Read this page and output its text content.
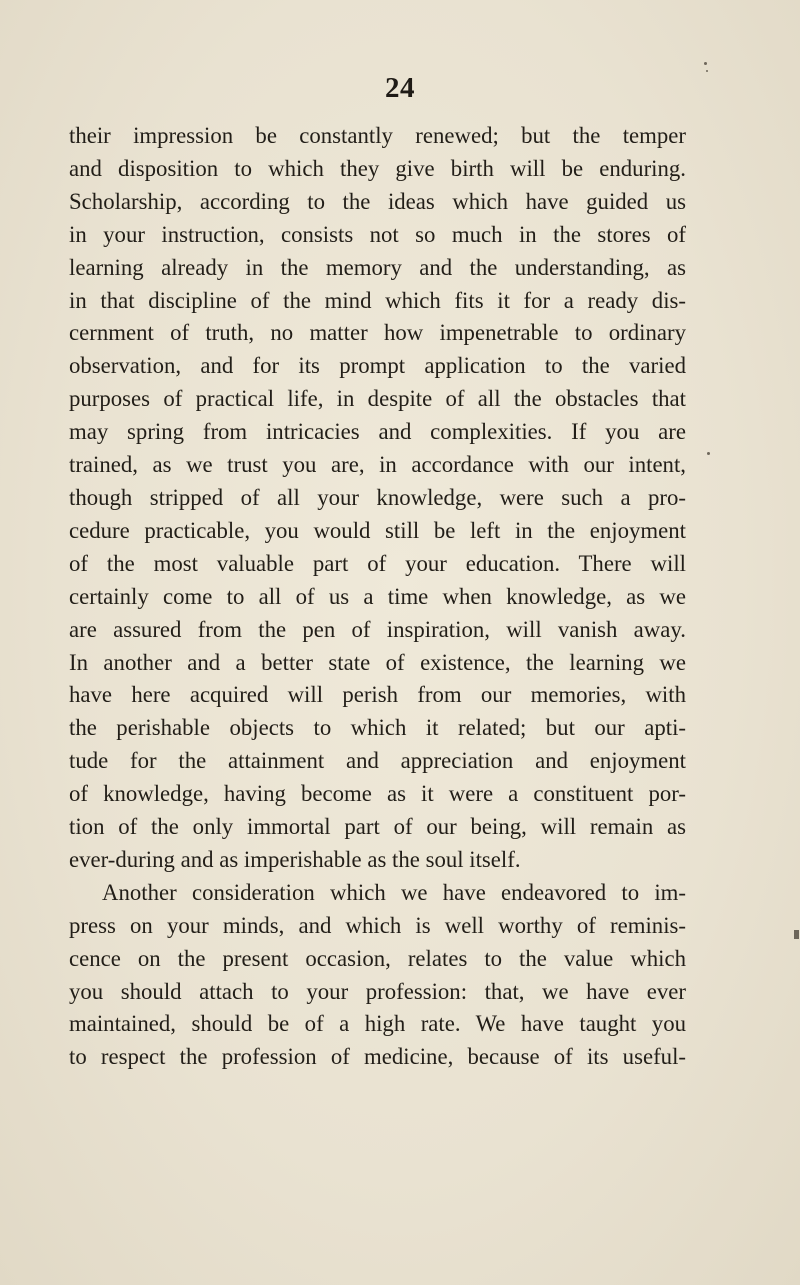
24
their impression be constantly renewed; but the temper
and disposition to which they give birth will be enduring.
Scholarship, according to the ideas which have guided us
in your instruction, consists not so much in the stores of
learning already in the memory and the understanding, as
in that discipline of the mind which fits it for a ready dis-
cernment of truth, no matter how impenetrable to ordinary
observation, and for its prompt application to the varied
purposes of practical life, in despite of all the obstacles that
may spring from intricacies and complexities. If you are
trained, as we trust you are, in accordance with our intent,
though stripped of all your knowledge, were such a pro-
cedure practicable, you would still be left in the enjoyment
of the most valuable part of your education. There will
certainly come to all of us a time when knowledge, as we
are assured from the pen of inspiration, will vanish away.
In another and a better state of existence, the learning we
have here acquired will perish from our memories, with
the perishable objects to which it related; but our apti-
tude for the attainment and appreciation and enjoyment
of knowledge, having become as it were a constituent por-
tion of the only immortal part of our being, will remain as
ever-during and as imperishable as the soul itself.
Another consideration which we have endeavored to im-
press on your minds, and which is well worthy of reminis-
cence on the present occasion, relates to the value which
you should attach to your profession: that, we have ever
maintained, should be of a high rate. We have taught you
to respect the profession of medicine, because of its useful-
